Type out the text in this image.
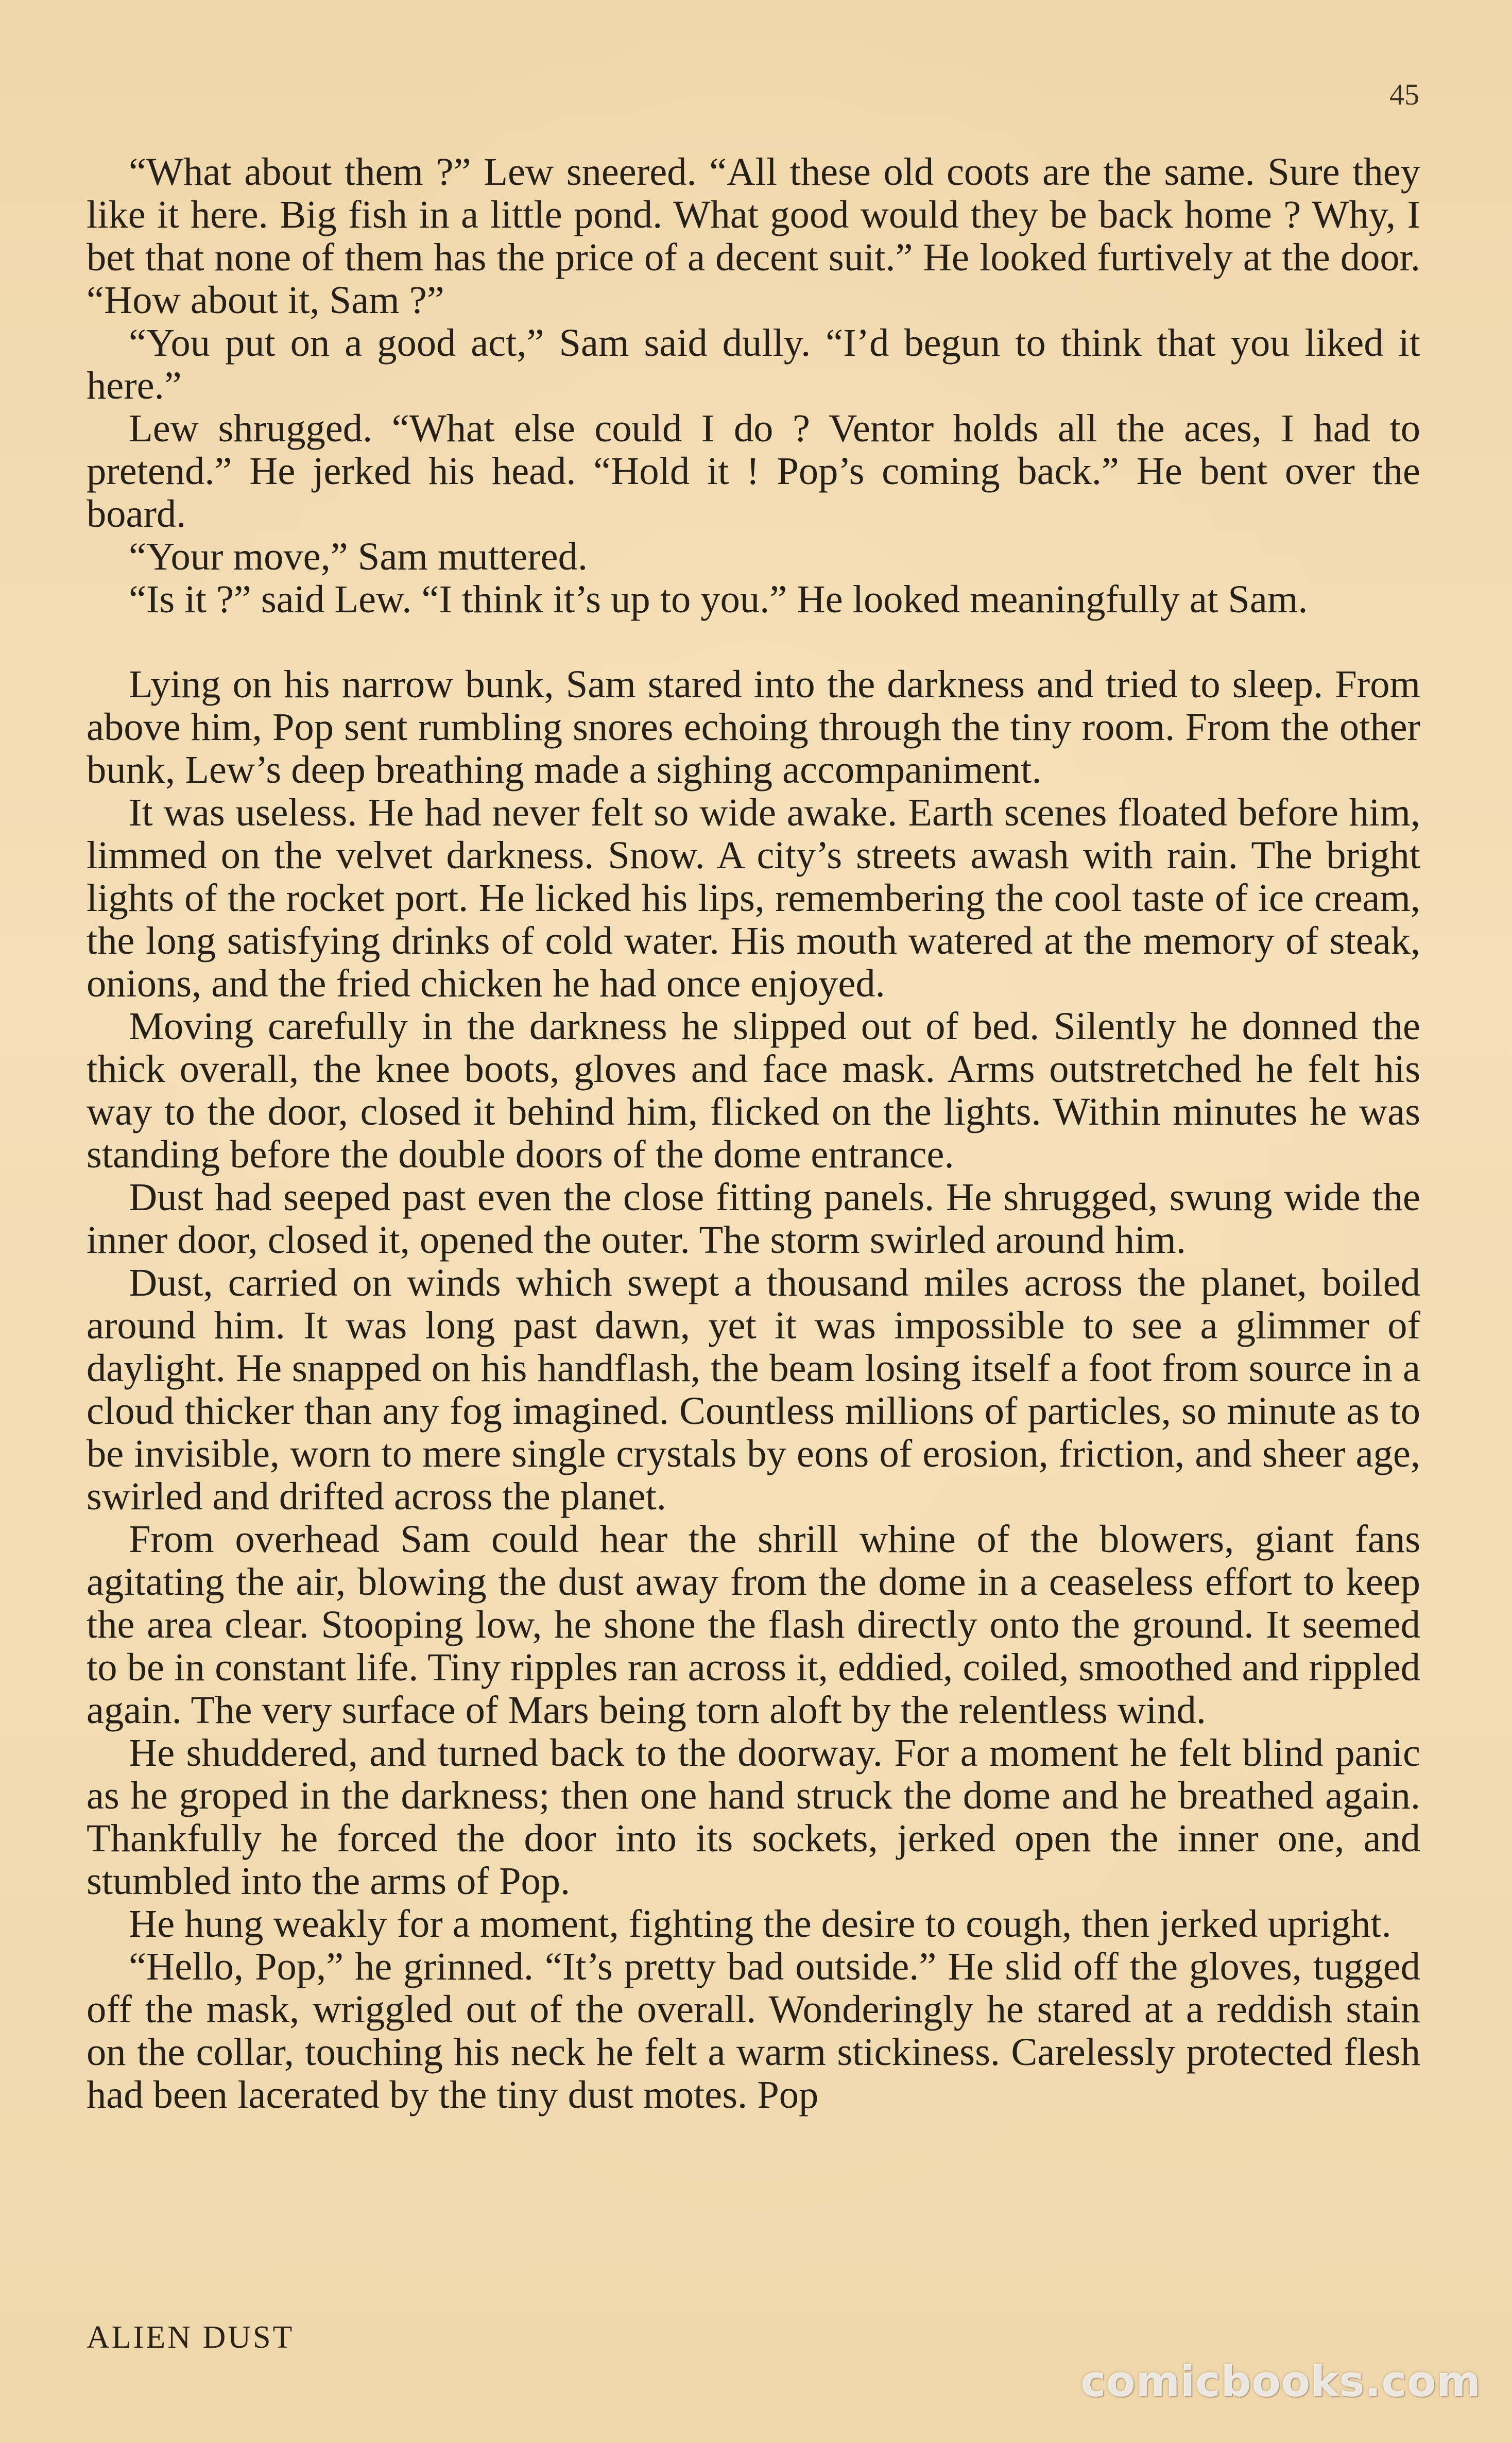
45

“What about them ?” Lew sneered. “All these old coots are the same. Sure they like it here. Big fish in a little pond. What good would they be back home ? Why, I bet that none of them has the price of a decent suit.” He looked furtively at the door. “How about it, Sam ?”

“You put on a good act,” Sam said dully. “I’d begun to think that you liked it here.”

Lew shrugged. “What else could I do ? Ventor holds all the aces, I had to pretend.” He jerked his head. “Hold it ! Pop’s coming back.” He bent over the board.

“Your move,” Sam muttered.

“Is it ?” said Lew. “I think it’s up to you.” He looked meaningfully at Sam.

Lying on his narrow bunk, Sam stared into the darkness and tried to sleep. From above him, Pop sent rumbling snores echoing through the tiny room. From the other bunk, Lew’s deep breathing made a sighing accompaniment.

It was useless. He had never felt so wide awake. Earth scenes floated before him, limmed on the velvet darkness. Snow. A city’s streets awash with rain. The bright lights of the rocket port. He licked his lips, remembering the cool taste of ice cream, the long satisfying drinks of cold water. His mouth watered at the memory of steak, onions, and the fried chicken he had once enjoyed.

Moving carefully in the darkness he slipped out of bed. Silently he donned the thick overall, the knee boots, gloves and face mask. Arms outstretched he felt his way to the door, closed it behind him, flicked on the lights. Within minutes he was standing before the double doors of the dome entrance.

Dust had seeped past even the close fitting panels. He shrugged, swung wide the inner door, closed it, opened the outer. The storm swirled around him.

Dust, carried on winds which swept a thousand miles across the planet, boiled around him. It was long past dawn, yet it was impossible to see a glimmer of daylight. He snapped on his handflash, the beam losing itself a foot from source in a cloud thicker than any fog imagined. Countless millions of particles, so minute as to be invisible, worn to mere single crystals by eons of erosion, friction, and sheer age, swirled and drifted across the planet.

From overhead Sam could hear the shrill whine of the blowers, giant fans agitating the air, blowing the dust away from the dome in a ceaseless effort to keep the area clear. Stooping low, he shone the flash directly onto the ground. It seemed to be in constant life. Tiny ripples ran across it, eddied, coiled, smoothed and rippled again. The very surface of Mars being torn aloft by the relentless wind.

He shuddered, and turned back to the doorway. For a moment he felt blind panic as he groped in the darkness; then one hand struck the dome and he breathed again. Thankfully he forced the door into its sockets, jerked open the inner one, and stumbled into the arms of Pop.

He hung weakly for a moment, fighting the desire to cough, then jerked upright.

“Hello, Pop,” he grinned. “It’s pretty bad outside.” He slid off the gloves, tugged off the mask, wriggled out of the overall. Wonderingly he stared at a reddish stain on the collar, touching his neck he felt a warm stickiness. Carelessly protected flesh had been lacerated by the tiny dust motes. Pop

ALIEN DUST
comicbooks.com
